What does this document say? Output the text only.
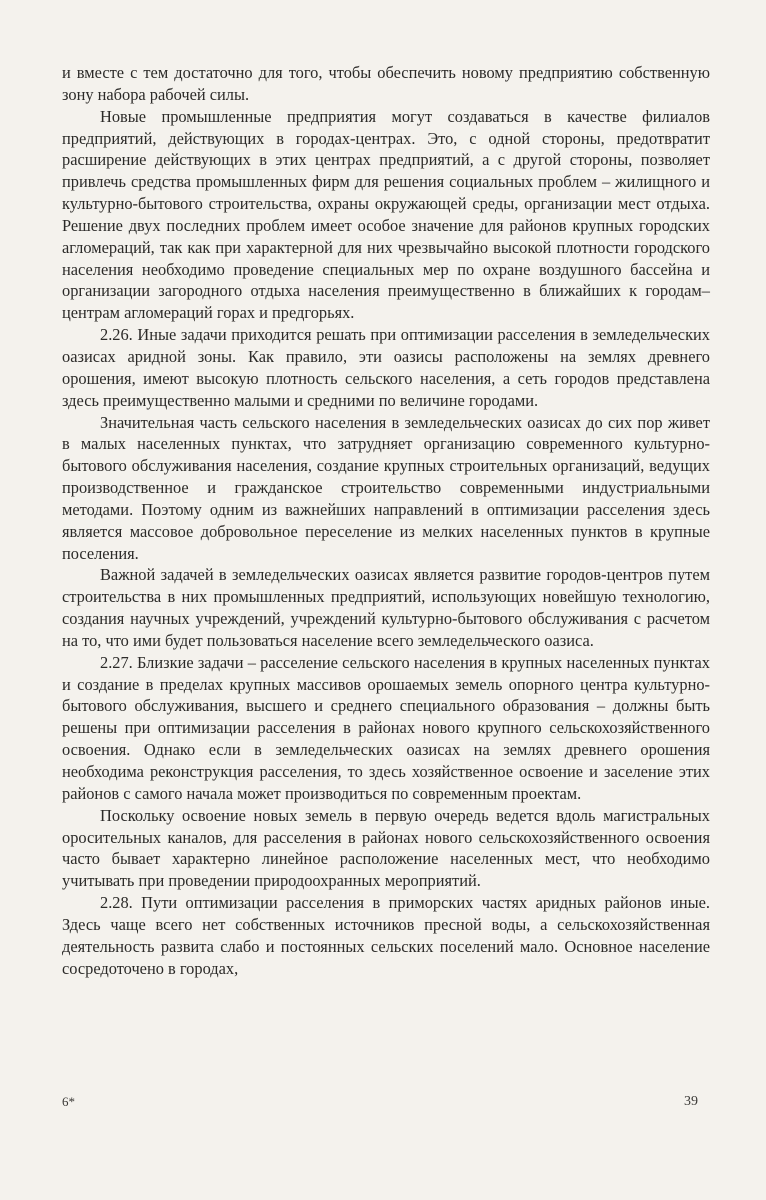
и вместе с тем достаточно для того, чтобы обеспечить новому предприятию собственную зону набора рабочей силы.

Новые промышленные предприятия могут создаваться в качестве филиалов предприятий, действующих в городах-центрах. Это, с одной стороны, предотвратит расширение действующих в этих центрах предприятий, а с другой стороны, позволяет привлечь средства промышленных фирм для решения социальных проблем – жилищного и культурно-бытового строительства, охраны окружающей среды, организации мест отдыха. Решение двух последних проблем имеет особое значение для районов крупных городских агломераций, так как при характерной для них чрезвычайно высокой плотности городского населения необходимо проведение специальных мер по охране воздушного бассейна и организации загородного отдыха населения преимущественно в ближайших к городам–центрам агломераций горах и предгорьях.

2.26. Иные задачи приходится решать при оптимизации расселения в земледельческих оазисах аридной зоны. Как правило, эти оазисы расположены на землях древнего орошения, имеют высокую плотность сельского населения, а сеть городов представлена здесь преимущественно малыми и средними по величине городами.

Значительная часть сельского населения в земледельческих оазисах до сих пор живет в малых населенных пунктах, что затрудняет организацию современного культурно-бытового обслуживания населения, создание крупных строительных организаций, ведущих производственное и гражданское строительство современными индустриальными методами. Поэтому одним из важнейших направлений в оптимизации расселения здесь является массовое добровольное переселение из мелких населенных пунктов в крупные поселения.

Важной задачей в земледельческих оазисах является развитие городов-центров путем строительства в них промышленных предприятий, использующих новейшую технологию, создания научных учреждений, учреждений культурно-бытового обслуживания с расчетом на то, что ими будет пользоваться население всего земледельческого оазиса.

2.27. Близкие задачи – расселение сельского населения в крупных населенных пунктах и создание в пределах крупных массивов орошаемых земель опорного центра культурно-бытового обслуживания, высшего и среднего специального образования – должны быть решены при оптимизации расселения в районах нового крупного сельскохозяйственного освоения. Однако если в земледельческих оазисах на землях древнего орошения необходима реконструкция расселения, то здесь хозяйственное освоение и заселение этих районов с самого начала может производиться по современным проектам.

Поскольку освоение новых земель в первую очередь ведется вдоль магистральных оросительных каналов, для расселения в районах нового сельскохозяйственного освоения часто бывает характерно линейное расположение населенных мест, что необходимо учитывать при проведении природоохранных мероприятий.

2.28. Пути оптимизации расселения в приморских частях аридных районов иные. Здесь чаще всего нет собственных источников пресной воды, а сельскохозяйственная деятельность развита слабо и постоянных сельских поселений мало. Основное население сосредоточено в городах,

6*	39
